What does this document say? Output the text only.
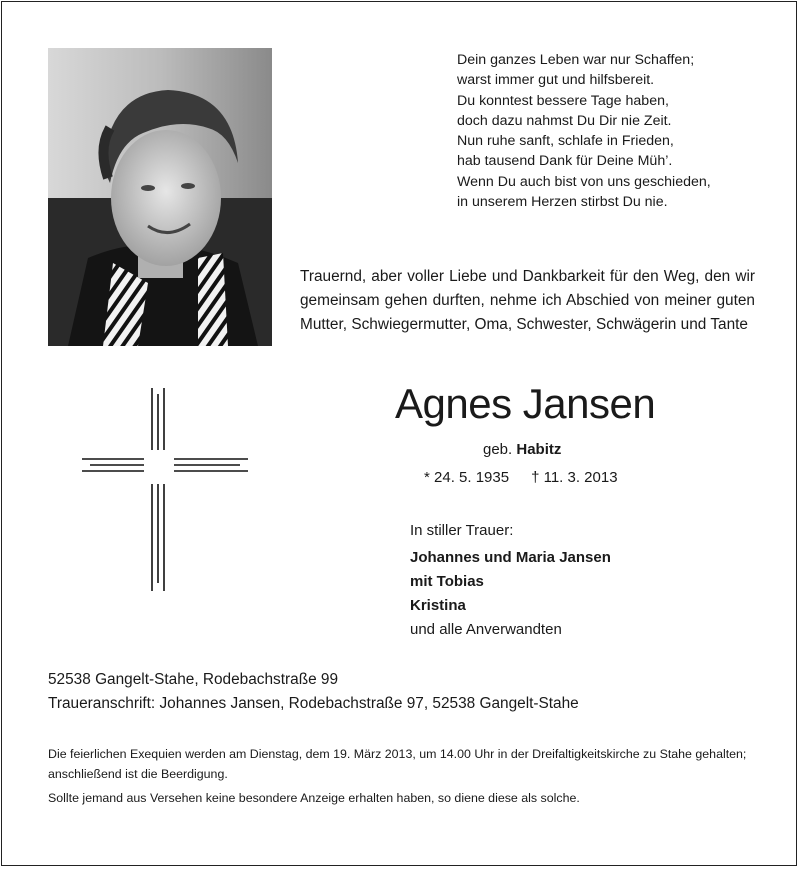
Dein ganzes Leben war nur Schaffen;
warst immer gut und hilfsbereit.
Du konntest bessere Tage haben,
doch dazu nahmst Du Dir nie Zeit.
Nun ruhe sanft, schlafe in Frieden,
hab tausend Dank für Deine Müh’.
Wenn Du auch bist von uns geschieden,
in unserem Herzen stirbst Du nie.
Trauernd, aber voller Liebe und Dankbarkeit für den Weg, den wir gemeinsam gehen durften, nehme ich Abschied von meiner guten Mutter, Schwiegermutter, Oma, Schwester, Schwägerin und Tante
Agnes Jansen
geb. Habitz
* 24. 5. 1935 † 11. 3. 2013
In stiller Trauer:
Johannes und Maria Jansen
mit Tobias
Kristina
und alle Anverwandten
52538 Gangelt-Stahe, Rodebachstraße 99
Traueranschrift: Johannes Jansen, Rodebachstraße 97, 52538 Gangelt-Stahe

Die feierlichen Exequien werden am Dienstag, dem 19. März 2013, um 14.00 Uhr in der Dreifaltigkeitskirche zu Stahe gehalten; anschließend ist die Beerdigung.

Sollte jemand aus Versehen keine besondere Anzeige erhalten haben, so diene diese als solche.
